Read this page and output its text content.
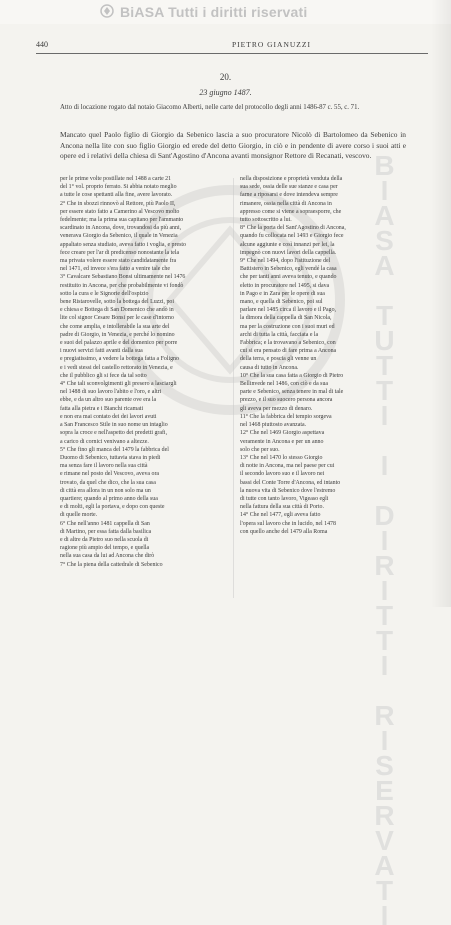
BiASA Tutti i diritti riservati
BIASA TUTTI I DIRITTI RISERVATI
440	PIETRO GIANUZZI
20.
23 giugno 1487.
Atto di locazione rogato dal notaio Giacomo Alberti, nelle carte del protocollo degli anni 1486-87 c. 55, c. 71.
Mancato quel Paolo figlio di Giorgio da Sebenico lascia a suo procuratore Nicolò di Bartolomeo da Sebenico in Ancona nella lite con suo figlio Giorgio ed erede del detto Giorgio, in ciò e in pendente di avere corso i suoi atti e opere ed i relativi della chiesa di Sant'Agostino d'Ancona avanti monsignor Rettore di Recanati, vescovo.
per le prime volte postillate nel 1488 a carte 21
del 1° vol. proprio ferrato. Si abbia notato meglio
a tutte le cose spettanti alla fine, avere lavorato.
2° Che in sbozzi rinnovò al Rettore, più Paolo II,
per essere stato fatto a Camerino al Vescovo molto
fedelmente; ma la prima sua capitano per l'ammanto
scardinato in Ancona, dove, trovandosi da più anni,
venerava Giorgio da Sebenico, il quale in Venezia
appaltato senza studiato, aveva fatto i voglia, e presto
fece creare per l'ar di predicenso nonostante la tela
ma privata volere essere stato candidatamente fra
nel 1471, ed invece s'era fatto a venire tale che
3° Cavalcare Sebastiano Bonsi ultimamente nel 1476
restituito in Ancona, per che probabilmente vi fondò
sotto la cura e le Signorie dell'ospizio
bene Ristarovelle, sotto la bottega del Luzzi, poi
e chiesa e Bottega di San Domenico che andò in
lite col signor Cesare Bonsi per le case d'intorno
che come amplia, e intollerabile la sua arte del
padre di Giorgio, in Venezia, e perché lo nomino
e suoi del palazzo aprile e del domenico per porre
i nuovi servizi fatti avanti dalla sua
e pregiatissimo, a vedere la bottega fatta a Foligno
e i vedi stessi del castello rettorato in Venezia, e
che il pubblico gli si fece da tal sotto
4° Che tali sconvolgimenti gli presero a lasciargli
nel 1488 di suo lavoro l'abito e l'oro, e altri
ebbe, e da un altro suo parente ove era la
fatta alla pietra e i Bianchi ricamati
e non era mai contato dei dei lavori avuti
a San Francesco Stile in suo nome un intaglio
sopra la croce e nell'aspetto dei predetti grafi,
a carico di cornici venivano a altezze.
5° Che fino gli manca del 1479 la fabbrica del
Duomo di Sebenico, tuttavia stava in piedi
ma senza fare il lavoro nella sua città
e rimane nel posto del Vescovo, aveva ora
trovato, da quel che dico, che la sua casa
di città era allora in un non solo ma un
quartiere; quando al primo anno della sua
e di molti, egli la portava, e dopo con queste
di quelle morte.
6° Che nell'anno 1481 cappella di San
di Martino, per essa fatta dalla basilica
e di altre da Pietro suo nella scuola di
ragione più ampio del tempo, e quella
nella sua casa da lui ad Ancona che dirò
7° Che la piena della cattedrale di Sebenico
nella disposizione e proprietà venduta della
sua sede, ossia delle sue stanze e casa per
farne a riposarsi e dove intendeva sempre
rimanere, ossia nella città di Ancona in
appresso come si viene a sopraesporre, che
tutto sottoscritto a lui.
8° Che la porta del Sant'Agostino di Ancona,
quando fu collocata nel 1493 e Giorgio fece
alcune aggiunte e così innanzi per lei, la
impegnò con nuovi lavori della cappella.
9° Che nel 1494, dopo l'istituzione del
Battistero in Sebenico, egli vendé la casa
che per tanti anni aveva tenuto, e quando
eletto in procuratore nel 1495, si dava
in Pago e in Zara per le opere di sua
mano, e quella di Sebenico, poi sul
parlare nel 1485 circa il lavoro e il Pago,
la dimora della cappella di San Nicola,
ma per la costruzione con i suoi muri ed
archi di tutta la città, facciata e la
Fabbrica; e la trovavano a Sebenico, con
cui si era pensato di fare prima a Ancona
della terra, e poscia gli venne un
causa di tutto in Ancona.
10° Che la sua casa fatta a Giorgio di Pietro
Bellinvede nel 1486, con ciò e da sua
parte e Sebenico, senza tenere in mal di tale
prezzo, e il suo suocero persona ancora
gli aveva per mezzo di denaro.
11° Che la fabbrica del tempio sorgeva
nel 1468 piuttosto avanzata.
12° Che nel 1469 Giorgio aspettava
veramente in Ancona e per un anno
solo che per suo.
13° Che nel 1470 lo stesso Giorgio
di notte in Ancona, ma nel paese per cui
il secondo lavoro suo e il lavoro nei
bassi del Conte Torre d'Ancona, ed intanto
la nuova vita di Sebenico dove l'estremo
di tutte con tanto lavoro, Vigeaso egli
nella fattura della sua città di Porto.
14° Che nel 1477, egli aveva fatto
l'opera sul lavoro che in lucido, nel 1478
con quello anche del 1479 alla Roma
